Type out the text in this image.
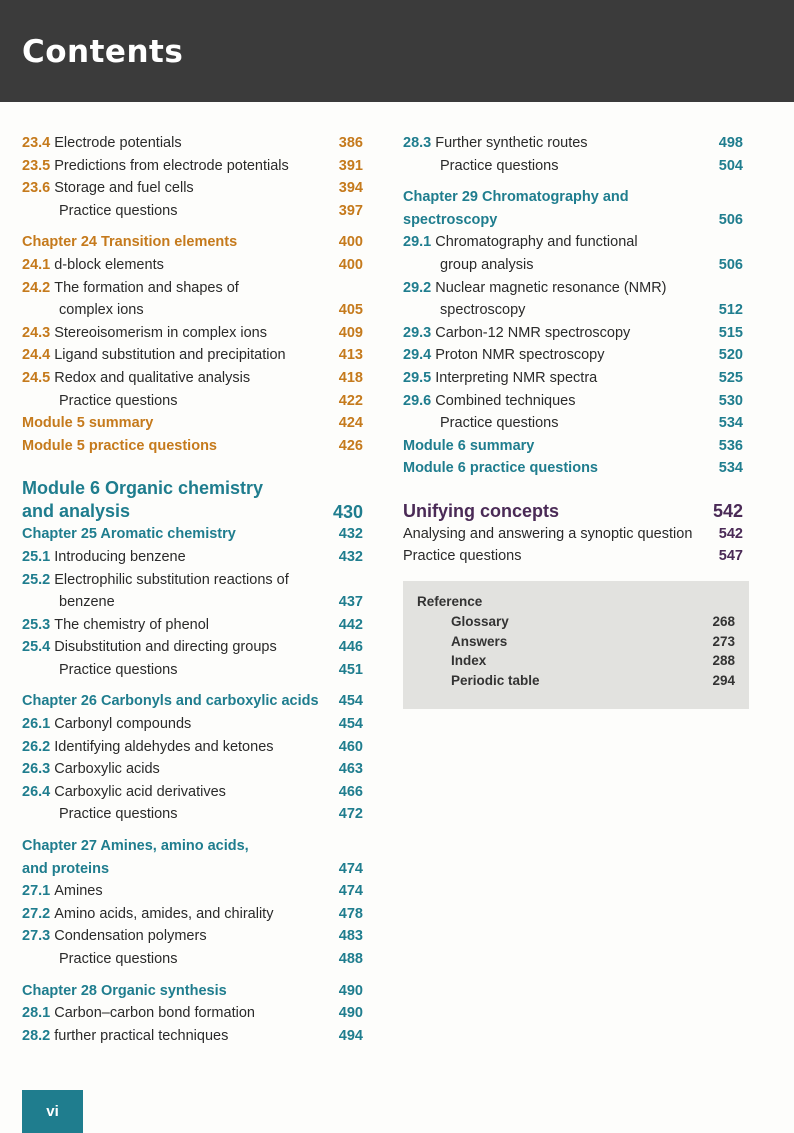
Contents
23.4 Electrode potentials	386
23.5 Predictions from electrode potentials	391
23.6 Storage and fuel cells	394
Practice questions	397
Chapter 24 Transition elements	400
24.1 d-block elements	400
24.2 The formation and shapes of
complex ions	405
24.3 Stereoisomerism in complex ions	409
24.4 Ligand substitution and precipitation	413
24.5 Redox and qualitative analysis	418
Practice questions	422
Module 5 summary	424
Module 5 practice questions	426
Module 6 Organic chemistry
and analysis	430
Chapter 25 Aromatic chemistry	432
25.1 Introducing benzene	432
25.2 Electrophilic substitution reactions of
benzene	437
25.3 The chemistry of phenol	442
25.4 Disubstitution and directing groups	446
Practice questions	451
Chapter 26 Carbonyls and carboxylic acids	454
26.1 Carbonyl compounds	454
26.2 Identifying aldehydes and ketones	460
26.3 Carboxylic acids	463
26.4 Carboxylic acid derivatives	466
Practice questions	472
Chapter 27 Amines, amino acids,
and proteins	474
27.1 Amines	474
27.2 Amino acids, amides, and chirality	478
27.3 Condensation polymers	483
Practice questions	488
Chapter 28 Organic synthesis	490
28.1 Carbon–carbon bond formation	490
28.2 further practical techniques	494
28.3 Further synthetic routes	498
Practice questions	504
Chapter 29 Chromatography and
spectroscopy	506
29.1 Chromatography and functional
group analysis	506
29.2 Nuclear magnetic resonance (NMR)
spectroscopy	512
29.3 Carbon-12 NMR spectroscopy	515
29.4 Proton NMR spectroscopy	520
29.5 Interpreting NMR spectra	525
29.6 Combined techniques	530
Practice questions	534
Module 6 summary	536
Module 6 practice questions	534
Unifying concepts	542
Analysing and answering a synoptic question	542
Practice questions	547
Reference
Glossary	268
Answers	273
Index	288
Periodic table	294
vi
